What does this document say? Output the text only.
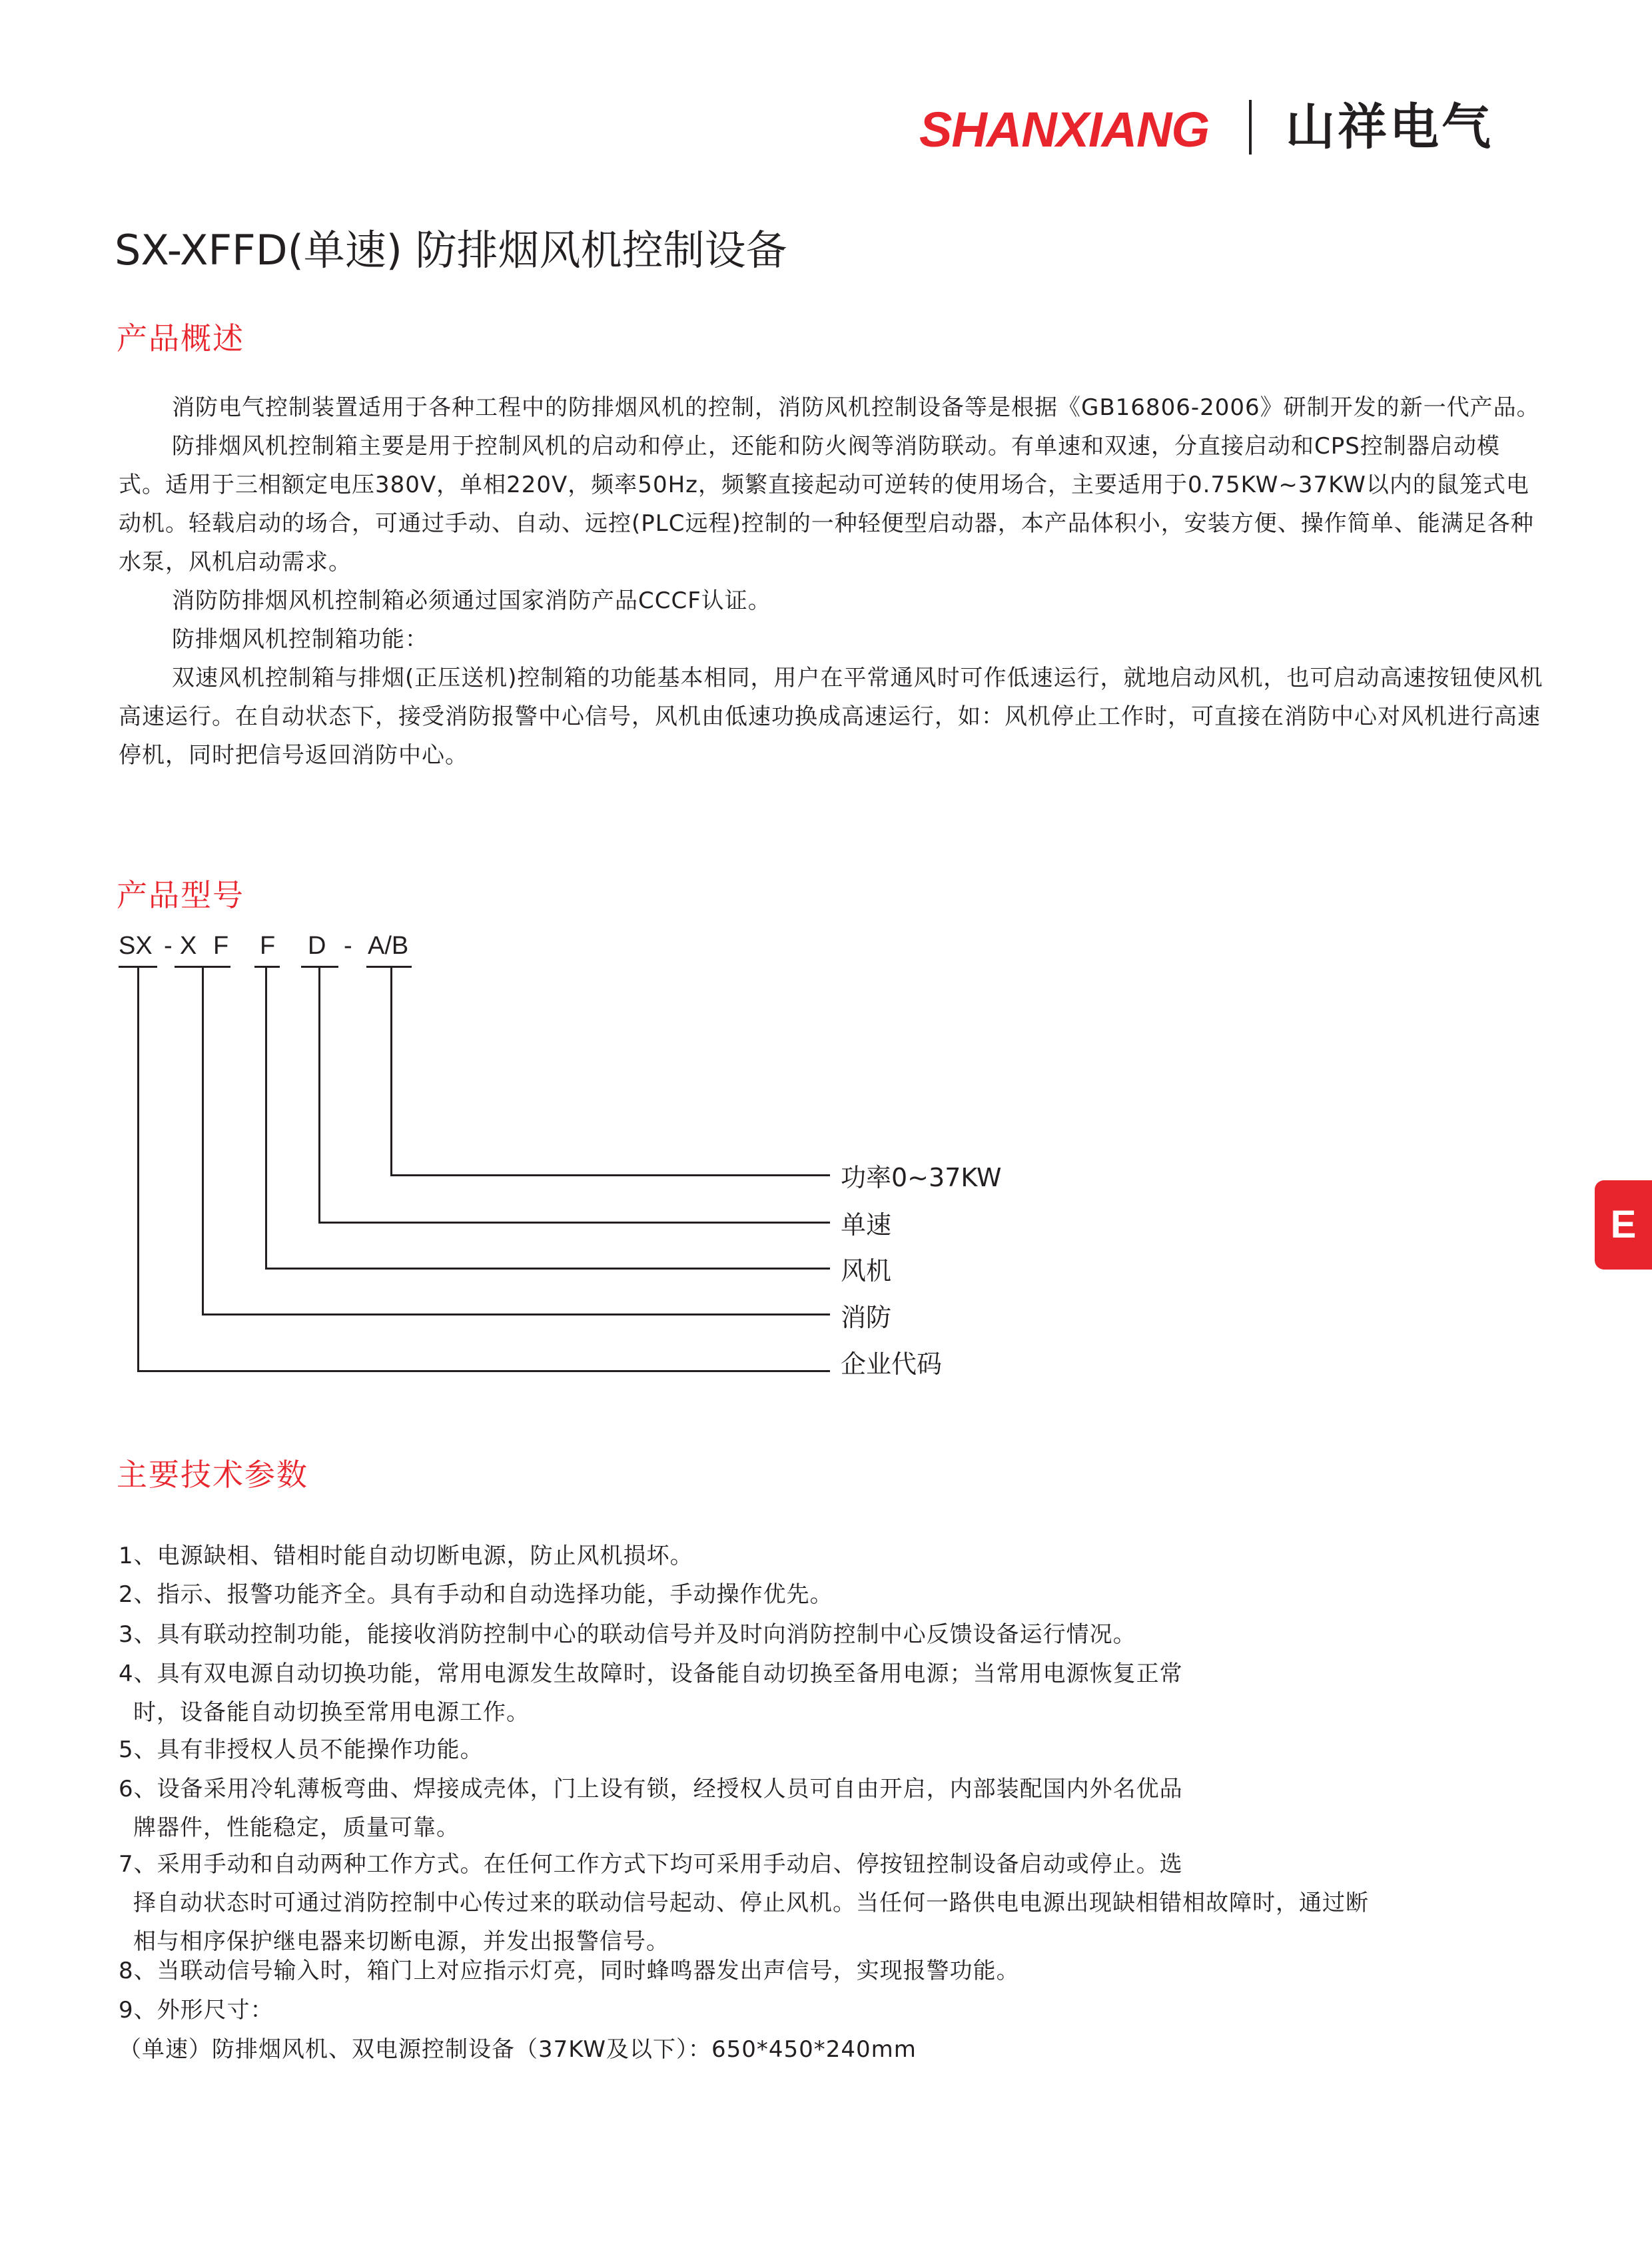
SHANXIANG 山祥电气
SX-XFFD(单速) 防排烟风机控制设备
产品概述

消防电气控制装置适用于各种工程中的防排烟风机的控制，消防风机控制设备等是根据《GB16806-2006》研制开发的新一代产品。

防排烟风机控制箱主要是用于控制风机的启动和停止，还能和防火阀等消防联动。有单速和双速，分直接启动和CPS控制器启动模式。适用于三相额定电压380V，单相220V，频率50Hz，频繁直接起动可逆转的使用场合，主要适用于0.75KW~37KW以内的鼠笼式电动机。轻载启动的场合，可通过手动、自动、远控(PLC远程)控制的一种轻便型启动器，本产品体积小，安装方便、操作简单、能满足各种水泵，风机启动需求。

消防防排烟风机控制箱必须通过国家消防产品CCCF认证。

防排烟风机控制箱功能：

双速风机控制箱与排烟(正压送机)控制箱的功能基本相同，用户在平常通风时可作低速运行，就地启动风机，也可启动高速按钮使风机高速运行。在自动状态下，接受消防报警中心信号，风机由低速功换成高速运行，如：风机停止工作时，可直接在消防中心对风机进行高速停机，同时把信号返回消防中心。

产品型号
SX - X F F D - A/B
功率0~37KW
单速
风机
消防
企业代码
主要技术参数
1、电源缺相、错相时能自动切断电源，防止风机损坏。
2、指示、报警功能齐全。具有手动和自动选择功能，手动操作优先。
3、具有联动控制功能，能接收消防控制中心的联动信号并及时向消防控制中心反馈设备运行情况。
4、具有双电源自动切换功能，常用电源发生故障时，设备能自动切换至备用电源；当常用电源恢复正常
时，设备能自动切换至常用电源工作。
5、具有非授权人员不能操作功能。
6、设备采用冷轧薄板弯曲、焊接成壳体，门上设有锁，经授权人员可自由开启，内部装配国内外名优品
牌器件，性能稳定，质量可靠。
7、采用手动和自动两种工作方式。在任何工作方式下均可采用手动启、停按钮控制设备启动或停止。选
择自动状态时可通过消防控制中心传过来的联动信号起动、停止风机。当任何一路供电电源出现缺相错相故障时，通过断相与相序保护继电器来切断电源，并发出报警信号。
8、当联动信号输入时，箱门上对应指示灯亮，同时蜂鸣器发出声信号，实现报警功能。
9、外形尺寸：
（单速）防排烟风机、双电源控制设备（37KW及以下）：650*450*240mm
E
